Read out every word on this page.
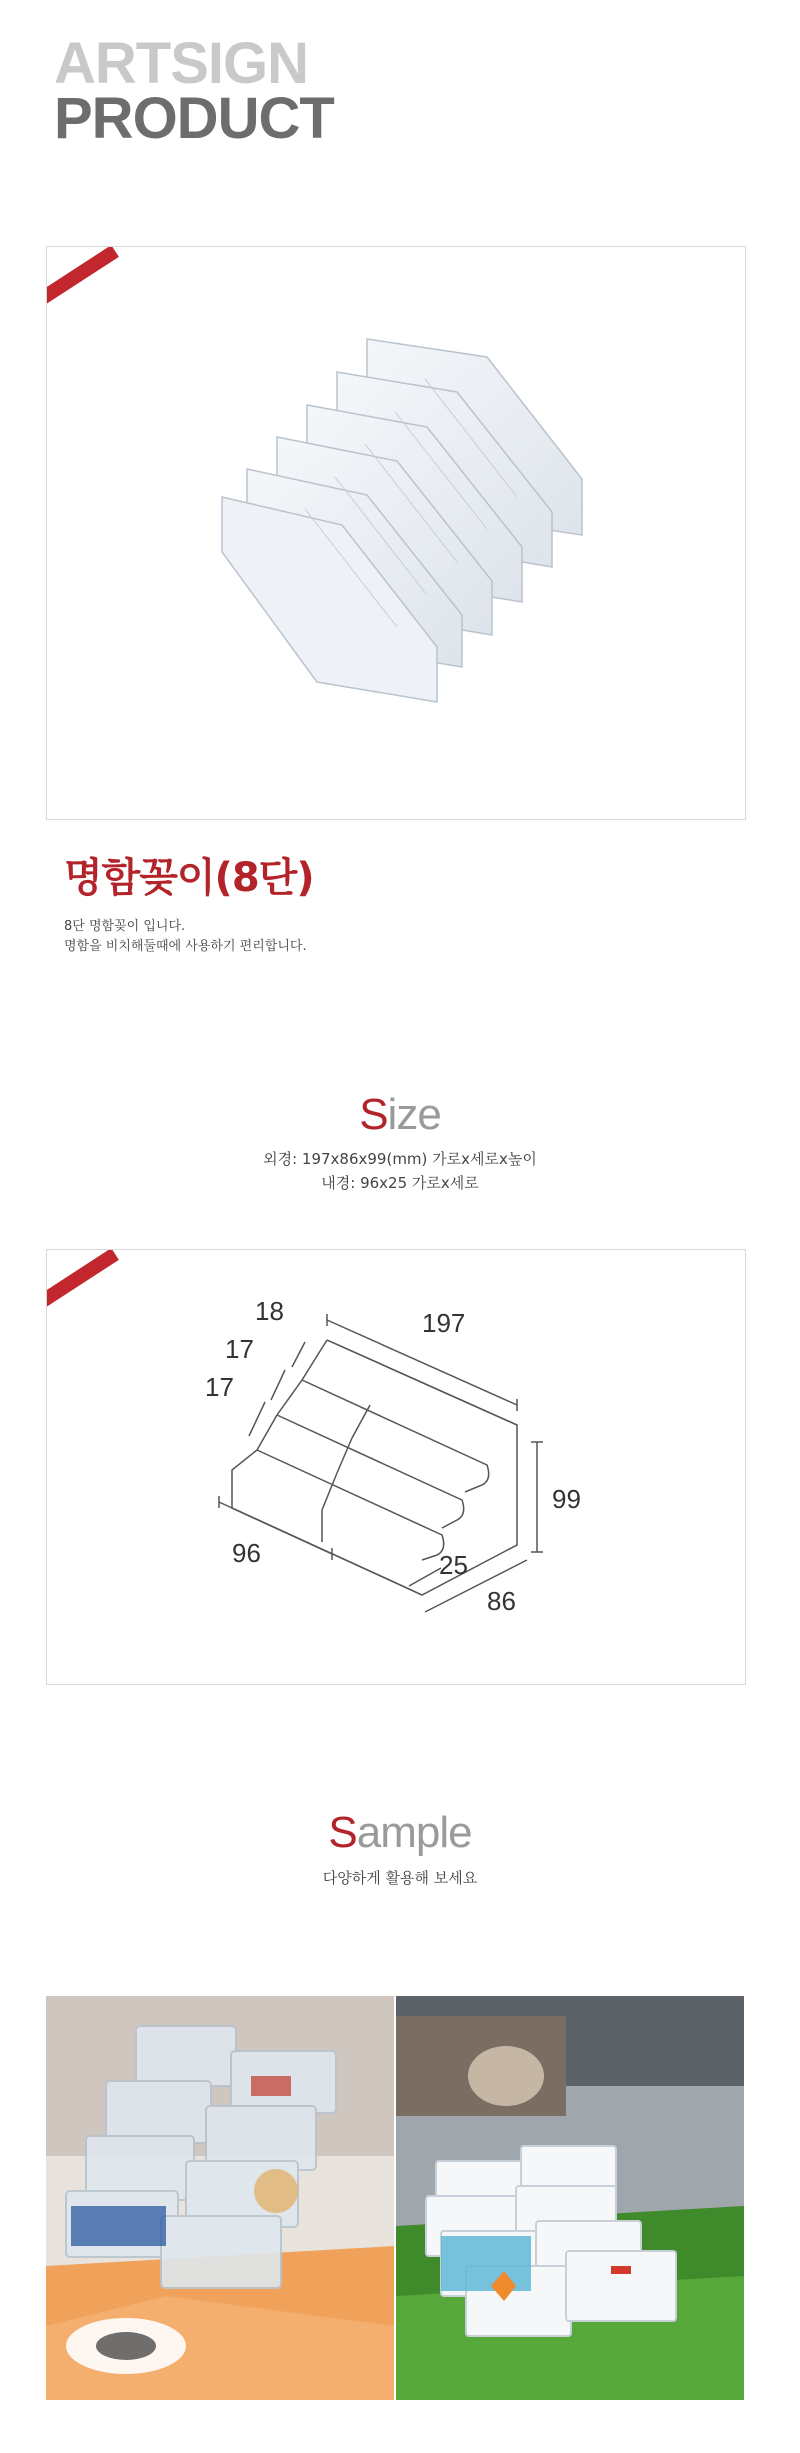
ARTSIGN
PRODUCT
명함꽂이(8단)
8단 명함꽂이 입니다.
명함을 비치해둘때에 사용하기 편리합니다.
Size
외경: 197x86x99(mm) 가로x세로x높이
내경: 96x25 가로x세로
18
17
17
197
99
96	25
86
Sample
다양하게 활용해 보세요
